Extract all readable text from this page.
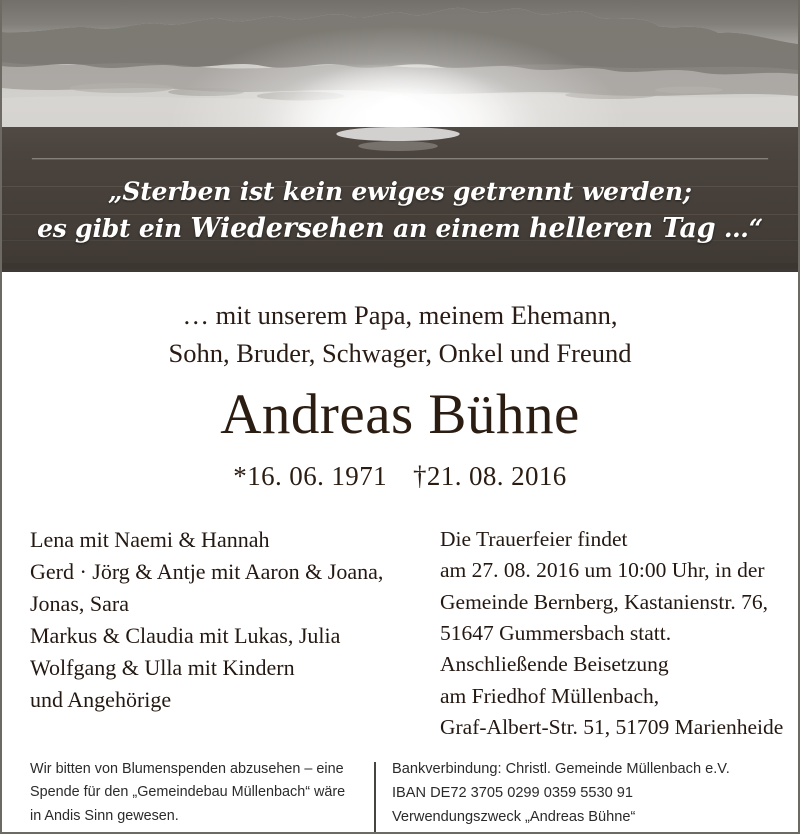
„Sterben ist kein ewiges getrennt werden;
es gibt ein Wiedersehen an einem helleren Tag …“
… mit unserem Papa, meinem Ehemann,
Sohn, Bruder, Schwager, Onkel und Freund
Andreas Bühne
*16. 06. 1971 †21. 08. 2016
Lena mit Naemi & Hannah
Gerd · Jörg & Antje mit Aaron & Joana,
Jonas, Sara
Markus & Claudia mit Lukas, Julia
Wolfgang & Ulla mit Kindern
und Angehörige
Die Trauerfeier findet
am 27. 08. 2016 um 10:00 Uhr, in der
Gemeinde Bernberg, Kastanienstr. 76,
51647 Gummersbach statt.
Anschließende Beisetzung
am Friedhof Müllenbach,
Graf-Albert-Str. 51, 51709 Marienheide
Wir bitten von Blumenspenden abzusehen – eine
Spende für den „Gemeindebau Müllenbach“ wäre
in Andis Sinn gewesen.
Bankverbindung: Christl. Gemeinde Müllenbach e.V.
IBAN DE72 3705 0299 0359 5530 91
Verwendungszweck „Andreas Bühne“
